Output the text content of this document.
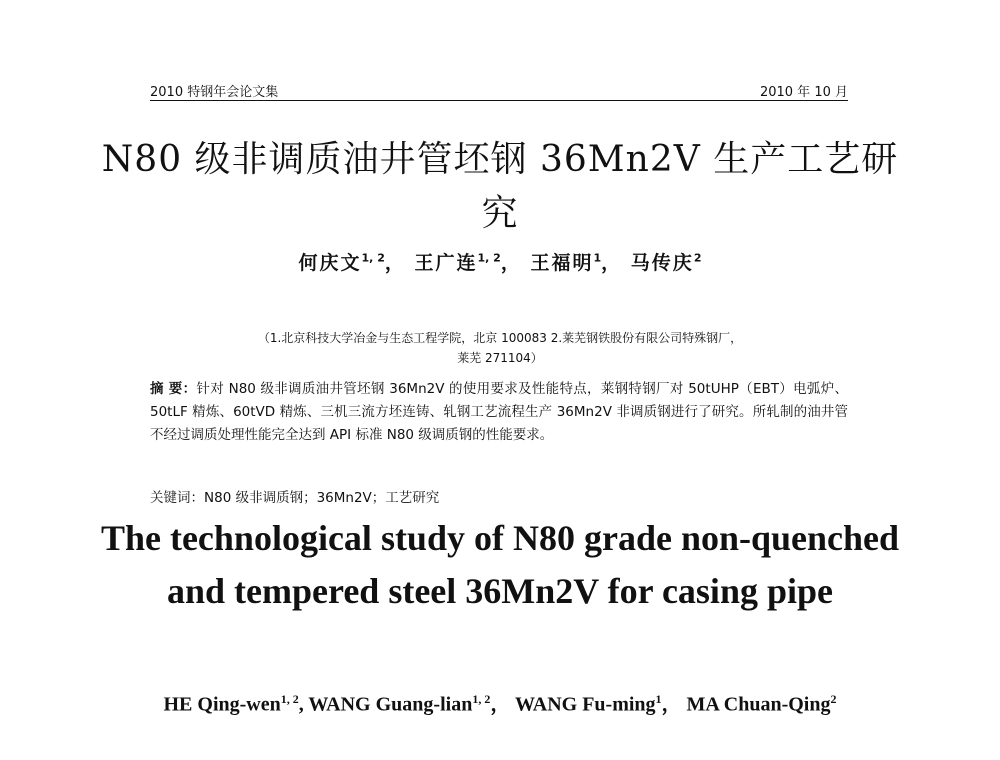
2010 特钢年会论文集	2010 年 10 月
N80 级非调质油井管坯钢 36Mn2V 生产工艺研究
何庆文$^{1, 2}$， 王广连$^{1, 2}$， 王福明$^1$， 马传庆$^2$
（1.北京科技大学冶金与生态工程学院，北京 100083 2.莱芜钢铁股份有限公司特殊钢厂，
莱芜 271104）
摘 要：针对 N80 级非调质油井管坯钢 36Mn2V 的使用要求及性能特点，莱钢特钢厂对 50tUHP（EBT）电弧炉、50tLF 精炼、60tVD 精炼、三机三流方坯连铸、轧钢工艺流程生产 36Mn2V 非调质钢进行了研究。所轧制的油井管不经过调质处理性能完全达到 API 标准 N80 级调质钢的性能要求。
关键词：N80 级非调质钢；36Mn2V；工艺研究
The technological study of N80 grade non-quenched and tempered steel 36Mn2V for casing pipe
HE Qing-wen$^{1, 2}$, WANG Guang-lian$^{1, 2}$， WANG Fu-ming$^1$， MA Chuan-Qing$^2$
